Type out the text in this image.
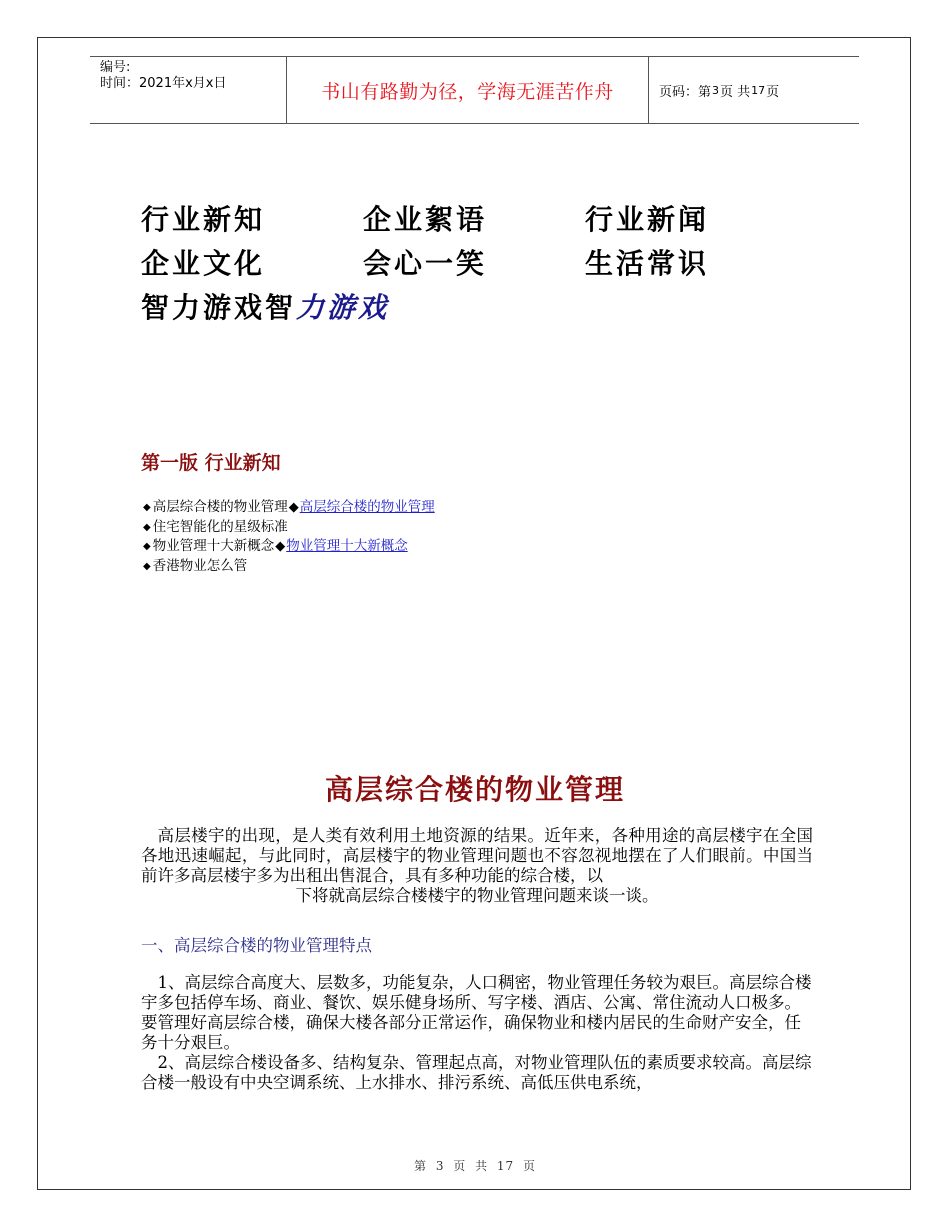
编号:
时间：2021年x月x日	书山有路勤为径，学海无涯苦作舟	页码：第 3 页 共 17 页
行业新知	企业絮语	行业新闻
企业文化	会心一笑	生活常识
智力游戏智力游戏
第一版 行业新知
◆ 高层综合楼的物业管理◆高层综合楼的物业管理
◆ 住宅智能化的星级标准
◆ 物业管理十大新概念◆物业管理十大新概念
◆ 香港物业怎么管
高层综合楼的物业管理
高层楼宇的出现，是人类有效利用土地资源的结果。近年来，各种用途的高层楼宇在全国各地迅速崛起，与此同时，高层楼宇的物业管理问题也不容忽视地摆在了人们眼前。中国当前许多高层楼宇多为出租出售混合，具有多种功能的综合楼，以
下将就高层综合楼楼宇的物业管理问题来谈一谈。
一、高层综合楼的物业管理特点
1、高层综合高度大、层数多，功能复杂，人口稠密，物业管理任务较为艰巨。高层综合楼宇多包括停车场、商业、餐饮、娱乐健身场所、写字楼、酒店、公寓、常住流动人口极多。要管理好高层综合楼，确保大楼各部分正常运作，确保物业和楼内居民的生命财产安全，任务十分艰巨。
2、高层综合楼设备多、结构复杂、管理起点高，对物业管理队伍的素质要求较高。高层综合楼一般设有中央空调系统、上水排水、排污系统、高低压供电系统，
第 3 页 共 17 页
